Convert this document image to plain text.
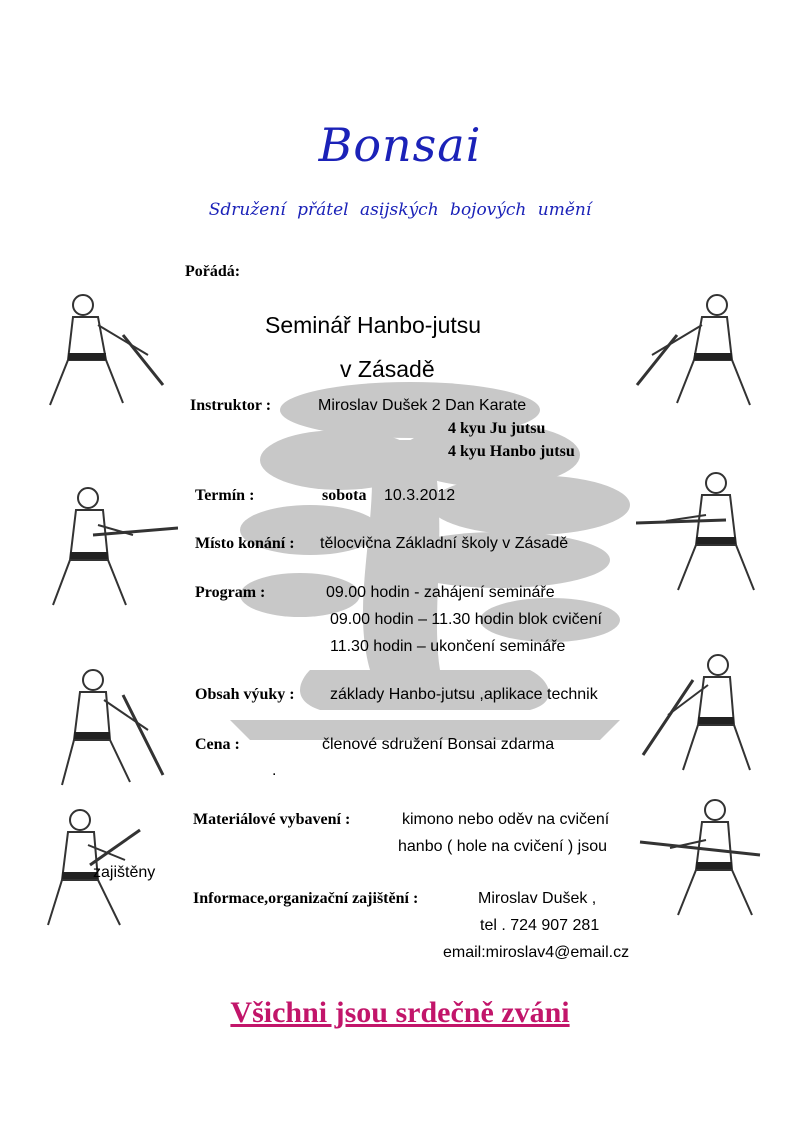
Bonsai
Sdružení přátel asijských bojových umění
Pořádá:
Seminář Hanbo-jutsu
v Zásadě
Instruktor :	Miroslav Dušek 2 Dan Karate
4 kyu Ju jutsu
4 kyu Hanbo jutsu
Termín :	sobota 10.3.2012
Místo konání : tělocvična Základní školy v Zásadě
Program :	09.00 hodin - zahájení semináře
09.00 hodin – 11.30 hodin blok cvičení
11.30 hodin – ukončení semináře
Obsah výuky : základy Hanbo-jutsu ,aplikace technik
Cena :	členové sdružení Bonsai zdarma
.
Materiálové vybavení :	kimono nebo oděv na cvičení
hanbo ( hole na cvičení ) jsou
zajištěny
Informace,organizační zajištění :	Miroslav Dušek ,
tel . 724 907 281
email:miroslav4@email.cz
Všichni jsou srdečně zváni
